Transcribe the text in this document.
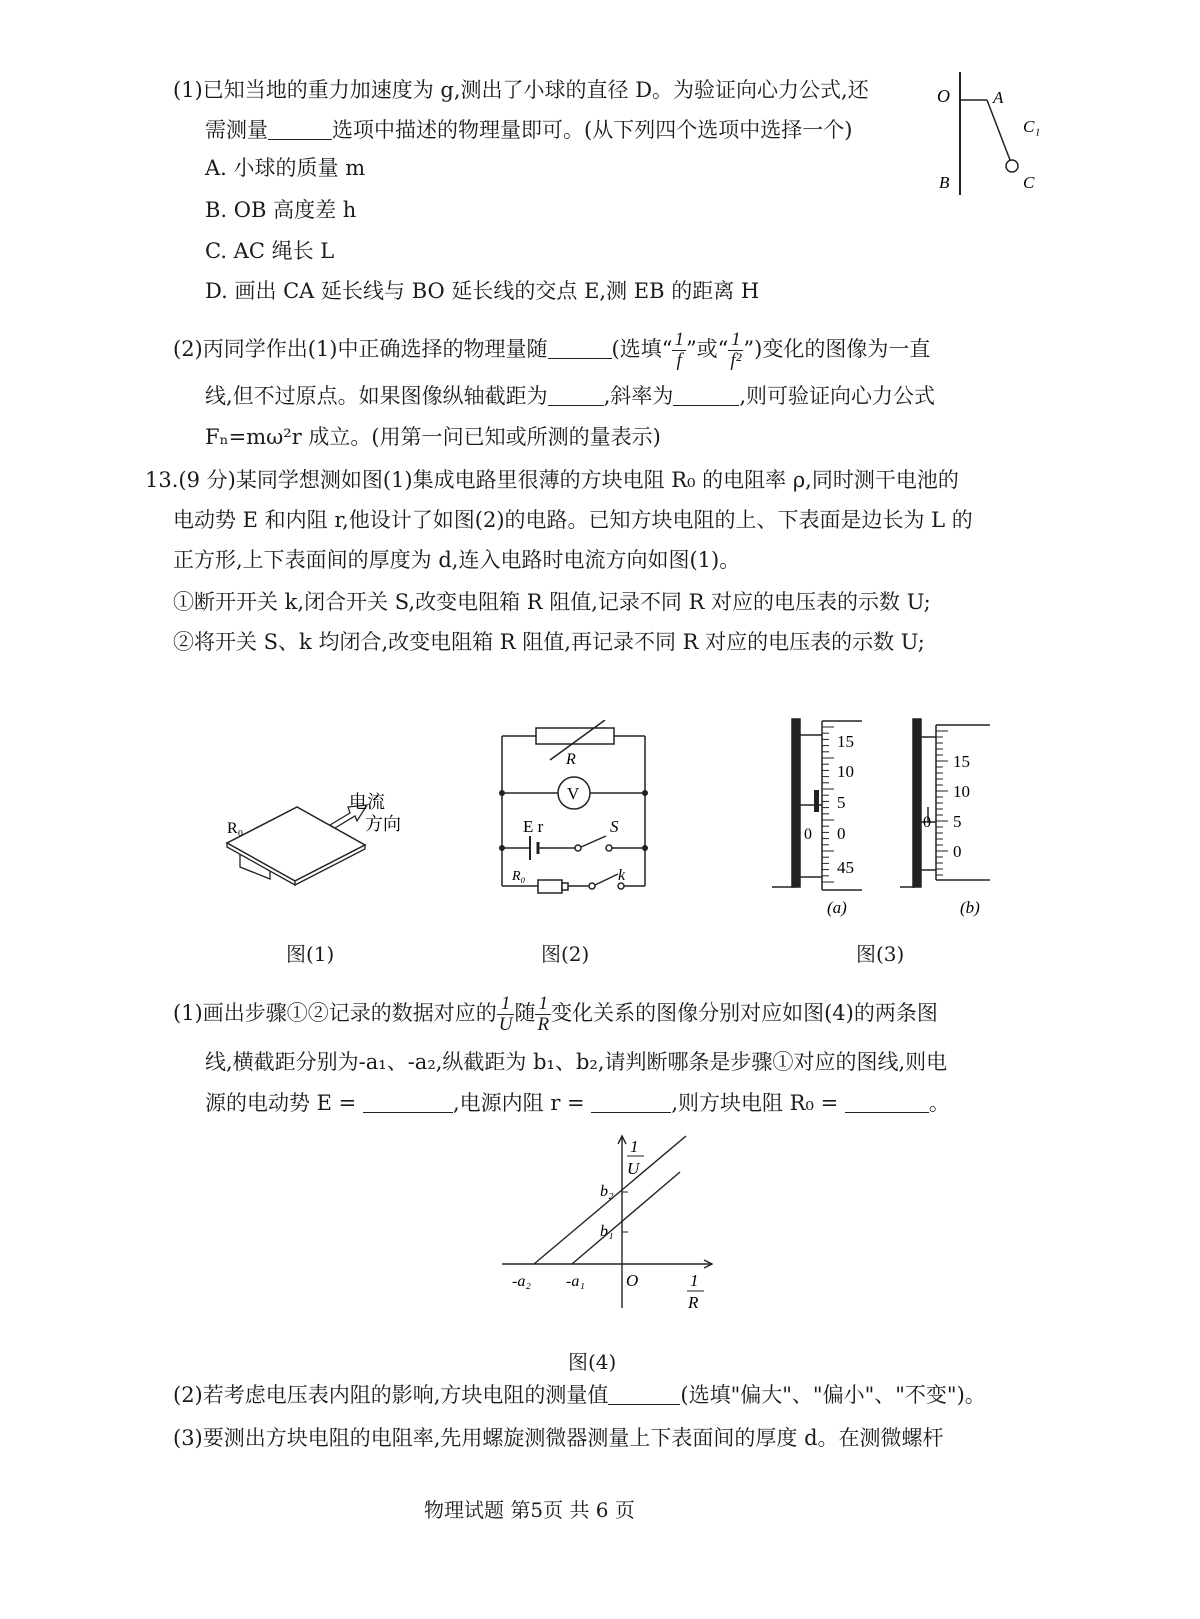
(1)已知当地的重力加速度为 g,测出了小球的直径 D。为验证向心力公式,还
需测量	选项中描述的物理量即可。(从下列四个选项中选择一个)
A. 小球的质量 m
B. OB 高度差 h
C. AC 绳长 L
D. 画出 CA 延长线与 BO 延长线的交点 E,测 EB 的距离 H
O	A
C₁
B	C
(2)丙同学作出(1)中正确选择的物理量随	(选填“ $\frac{1}{f}$ ”或“ $\frac{1}{\text{f²}}$ ”)变化的图像为一直
线,但不过原点。如果图像纵轴截距为	,斜率为	,则可验证向心力公式
Fₙ=mω²r 成立。(用第一问已知或所测的量表示)
13.(9 分)某同学想测如图(1)集成电路里很薄的方块电阻 R₀ 的电阻率 ρ,同时测干电池的
电动势 E 和内阻 r,他设计了如图(2)的电路。已知方块电阻的上、下表面是边长为 L 的
正方形,上下表面间的厚度为 d,连入电路时电流方向如图(1)。
①断开开关 k,闭合开关 S,改变电阻箱 R 阻值,记录不同 R 对应的电压表的示数 U;
②将开关 S、k 均闭合,改变电阻箱 R 阻值,再记录不同 R 对应的电压表的示数 U;
R₀
电流
方向
图(1)
R
V
E r	S
R₀	k
图(2)
15
10
5
0
45
0
15
10
5
0
0
(a)	(b)
图(3)
(1)画出步骤①②记录的数据对应的 $\frac{1}{U}$ 随 $\frac{1}{R}$ 变化关系的图像分别对应如图(4)的两条图
线,横截距分别为-a₁、-a₂,纵截距为 b₁、b₂,请判断哪条是步骤①对应的图线,则电
源的电动势 E =	,电源内阻 r =	,则方块电阻 R₀ =	。
1
U
1
R
b₂
b₁
-a₂ -a₁ O
图(4)
(2)若考虑电压表内阻的影响,方块电阻的测量值	(选填"偏大"、"偏小"、"不变")。
(3)要测出方块电阻的电阻率,先用螺旋测微器测量上下表面间的厚度 d。在测微螺杆
物理试题 第5页 共 6 页
